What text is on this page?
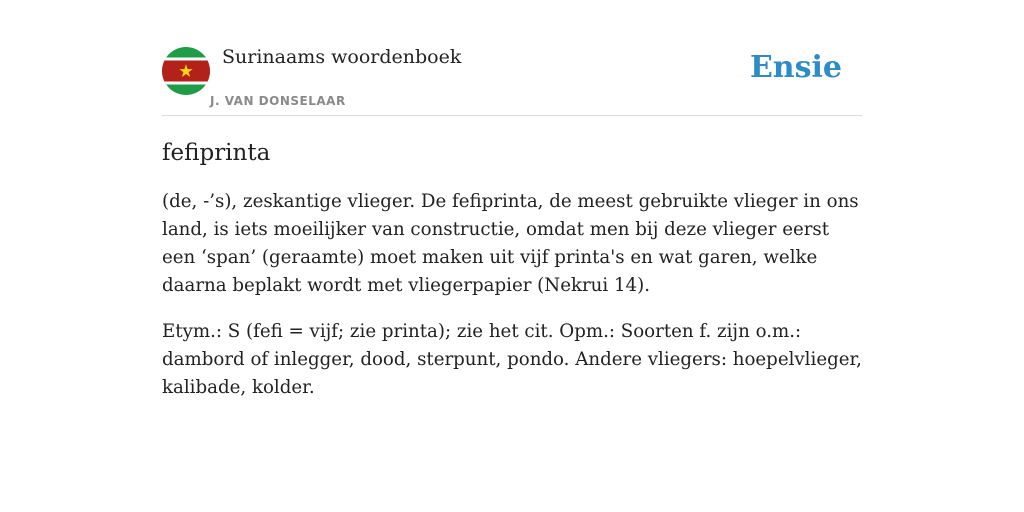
Surinaams woordenboek
J. VAN DONSELAAR
Ensie
fefiprinta

(de, -’s), zeskantige vlieger. De fefiprinta, de meest gebruikte vlieger in ons land, is iets moeilijker van constructie, omdat men bij deze vlieger eerst een ‘span’ (geraamte) moet maken uit vijf printa's en wat garen, welke daarna beplakt wordt met vliegerpapier (Nekrui 14).

Etym.: S (fefi = vijf; zie printa); zie het cit. Opm.: Soorten f. zijn o.m.: dambord of inlegger, dood, sterpunt, pondo. Andere vliegers: hoepelvlieger, kalibade, kolder.
